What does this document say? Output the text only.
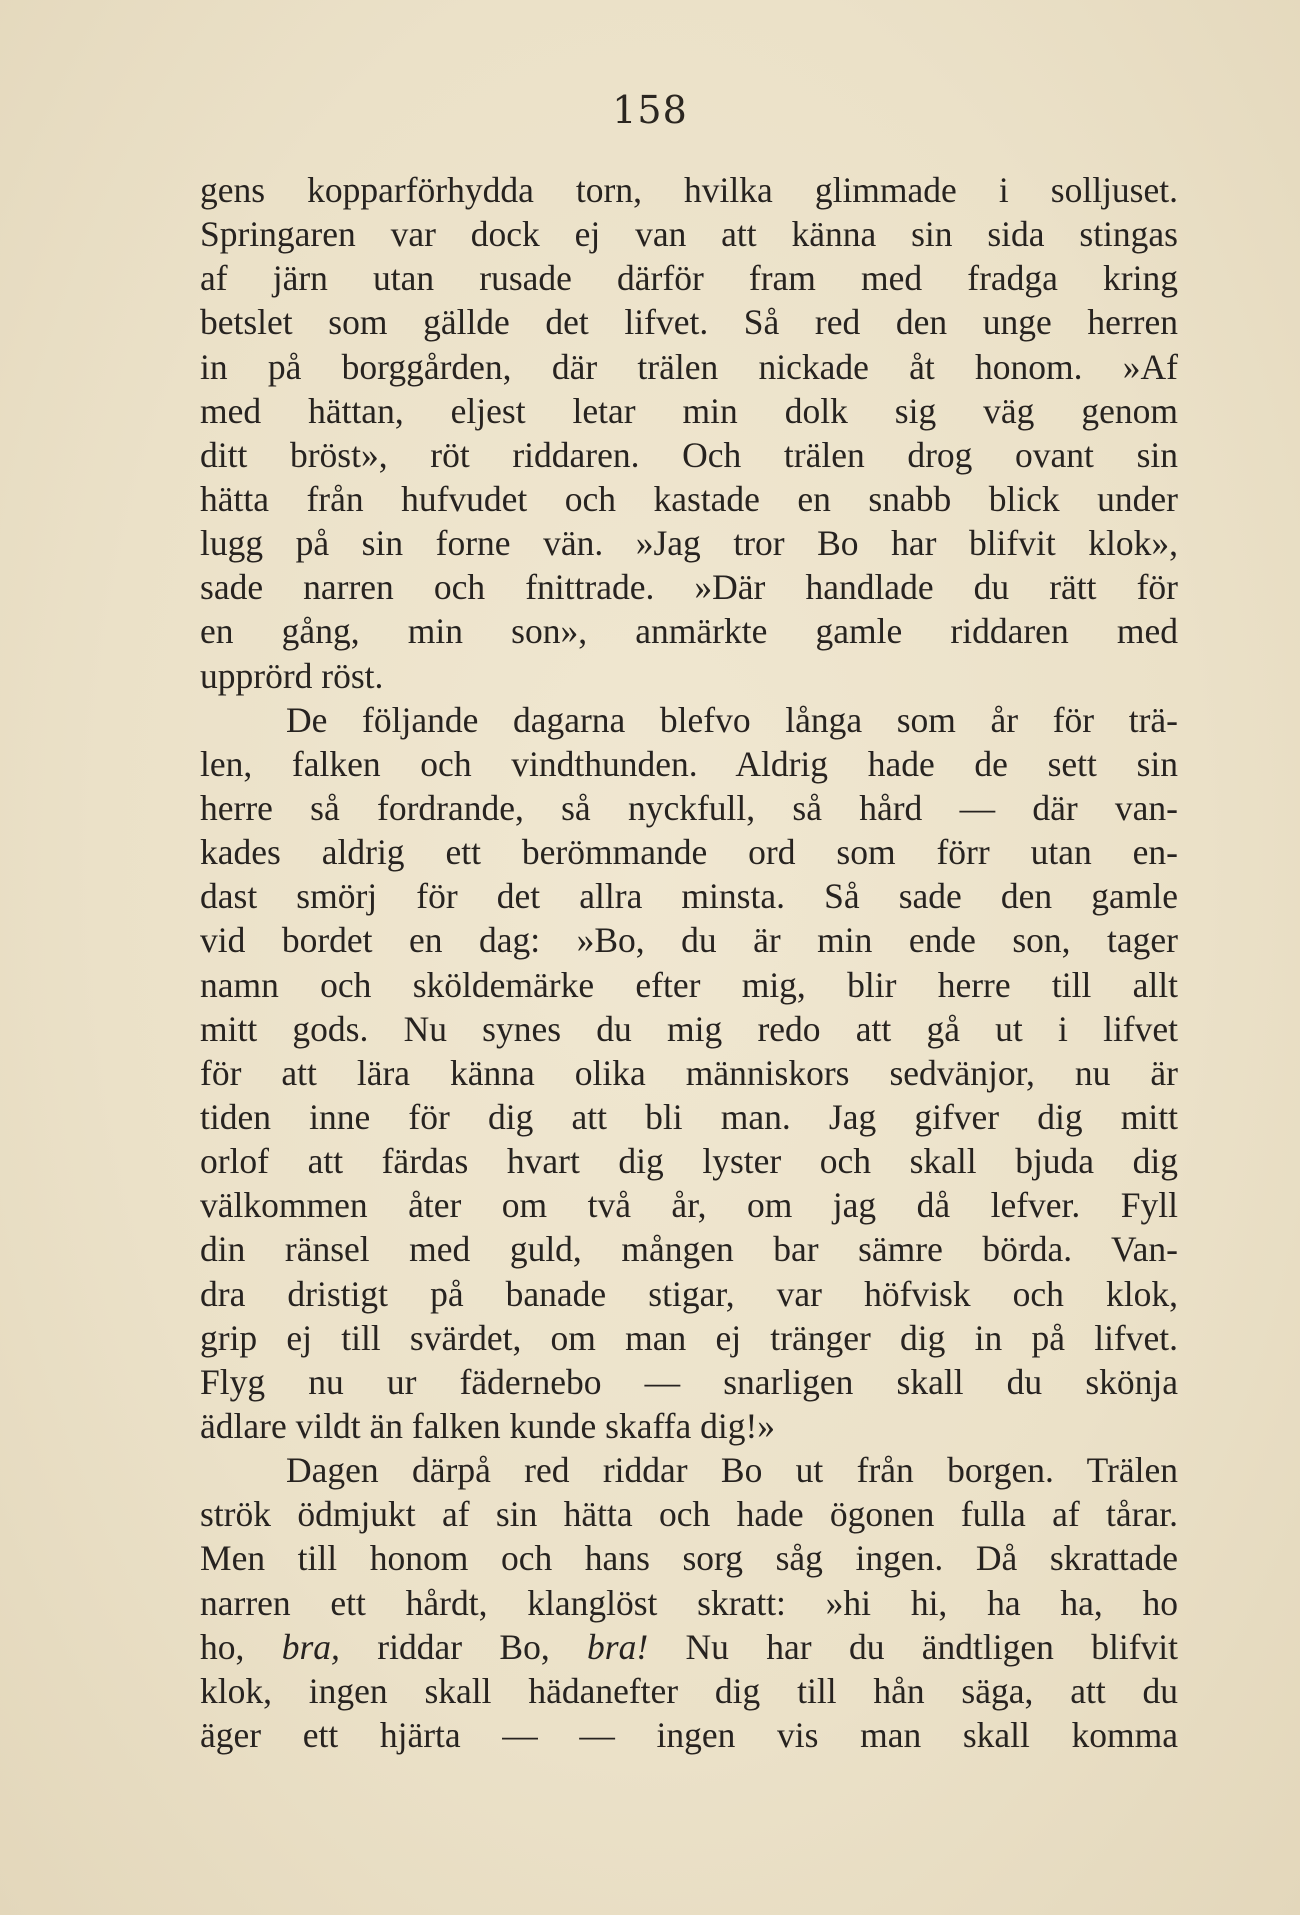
158
gens kopparförhydda torn, hvilka glimmade i solljuset.
Springaren var dock ej van att känna sin sida stingas
af järn utan rusade därför fram med fradga kring
betslet som gällde det lifvet. Så red den unge herren
in på borggården, där trälen nickade åt honom. »Af
med hättan, eljest letar min dolk sig väg genom
ditt bröst», röt riddaren. Och trälen drog ovant sin
hätta från hufvudet och kastade en snabb blick under
lugg på sin forne vän. »Jag tror Bo har blifvit klok»,
sade narren och fnittrade. »Där handlade du rätt för
en gång, min son», anmärkte gamle riddaren med
upprörd röst.
De följande dagarna blefvo långa som år för trä-
len, falken och vindthunden. Aldrig hade de sett sin
herre så fordrande, så nyckfull, så hård — där van-
kades aldrig ett berömmande ord som förr utan en-
dast smörj för det allra minsta. Så sade den gamle
vid bordet en dag: »Bo, du är min ende son, tager
namn och sköldemärke efter mig, blir herre till allt
mitt gods. Nu synes du mig redo att gå ut i lifvet
för att lära känna olika människors sedvänjor, nu är
tiden inne för dig att bli man. Jag gifver dig mitt
orlof att färdas hvart dig lyster och skall bjuda dig
välkommen åter om två år, om jag då lefver. Fyll
din ränsel med guld, mången bar sämre börda. Van-
dra dristigt på banade stigar, var höfvisk och klok,
grip ej till svärdet, om man ej tränger dig in på lifvet.
Flyg nu ur fädernebo — snarligen skall du skönja
ädlare vildt än falken kunde skaffa dig!»
Dagen därpå red riddar Bo ut från borgen. Trälen
strök ödmjukt af sin hätta och hade ögonen fulla af tårar.
Men till honom och hans sorg såg ingen. Då skrattade
narren ett hårdt, klanglöst skratt: »hi hi, ha ha, ho
ho, bra, riddar Bo, bra! Nu har du ändtligen blifvit
klok, ingen skall hädanefter dig till hån säga, att du
äger ett hjärta — — ingen vis man skall komma
